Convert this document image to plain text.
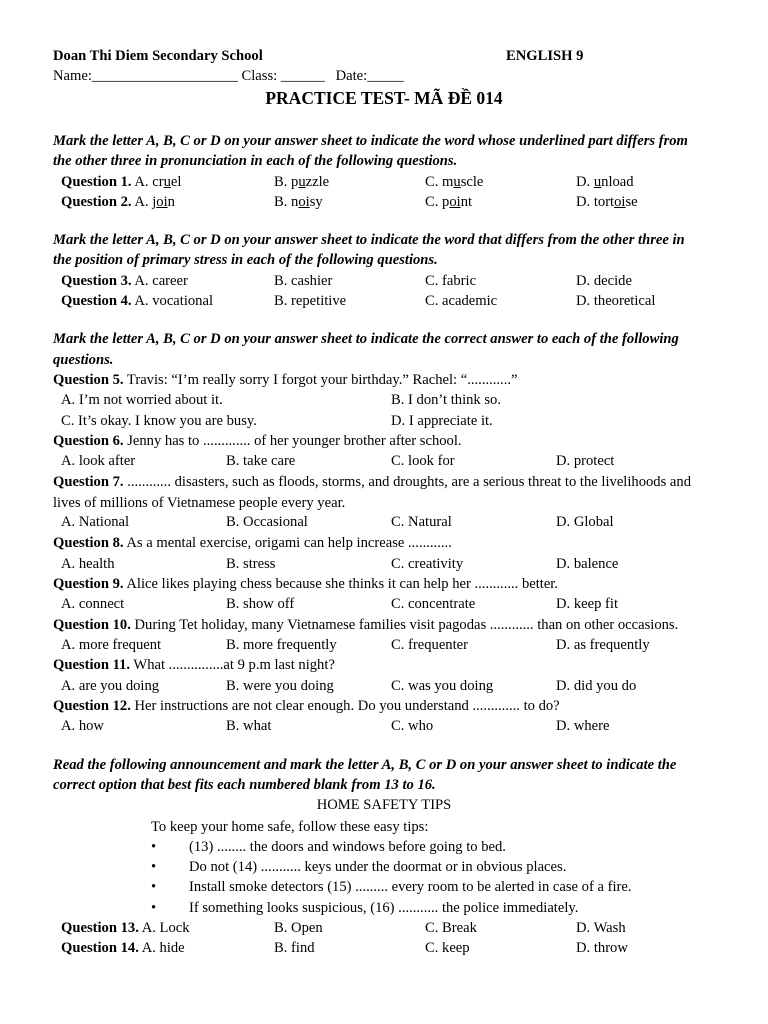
Doan Thi Diem Secondary School	ENGLISH 9
Name:____________________ Class: ______ Date:_____
PRACTICE TEST- MÃ ĐỀ 014
Mark the letter A, B, C or D on your answer sheet to indicate the word whose underlined part differs from
the other three in pronunciation in each of the following questions.
Question 1. A. cruel	B. puzzle	C. muscle	D. unload
Question 2. A. join	B. noisy	C. point	D. tortoise
Mark the letter A, B, C or D on your answer sheet to indicate the word that differs from the other three in
the position of primary stress in each of the following questions.
Question 3. A. career	B. cashier	C. fabric	D. decide
Question 4. A. vocational	B. repetitive	C. academic	D. theoretical
Mark the letter A, B, C or D on your answer sheet to indicate the correct answer to each of the following
questions.
Question 5. Travis: “I’m really sorry I forgot your birthday.” Rachel: “............”
A. I’m not worried about it.	B. I don’t think so.
C. It’s okay. I know you are busy.	D. I appreciate it.
Question 6. Jenny has to ............. of her younger brother after school.
A. look after	B. take care	C. look for	D. protect
Question 7. ............ disasters, such as floods, storms, and droughts, are a serious threat to the livelihoods and
lives of millions of Vietnamese people every year.
A. National	B. Occasional	C. Natural	D. Global
Question 8. As a mental exercise, origami can help increase ............
A. health	B. stress	C. creativity	D. balence
Question 9. Alice likes playing chess because she thinks it can help her ............ better.
A. connect	B. show off	C. concentrate	D. keep fit
Question 10. During Tet holiday, many Vietnamese families visit pagodas ............ than on other occasions.
A. more frequent	B. more frequently	C. frequenter	D. as frequently
Question 11. What ...............at 9 p.m last night?
A. are you doing	B. were you doing	C. was you doing	D. did you do
Question 12. Her instructions are not clear enough. Do you understand ............. to do?
A. how	B. what	C. who	D. where
Read the following announcement and mark the letter A, B, C or D on your answer sheet to indicate the
correct option that best fits each numbered blank from 13 to 16.
HOME SAFETY TIPS
To keep your home safe, follow these easy tips:
• (13) ........ the doors and windows before going to bed.
• Do not (14) ........... keys under the doormat or in obvious places.
• Install smoke detectors (15) ......... every room to be alerted in case of a fire.
• If something looks suspicious, (16) ........... the police immediately.
Question 13. A. Lock	B. Open	C. Break	D. Wash
Question 14. A. hide	B. find	C. keep	D. throw
